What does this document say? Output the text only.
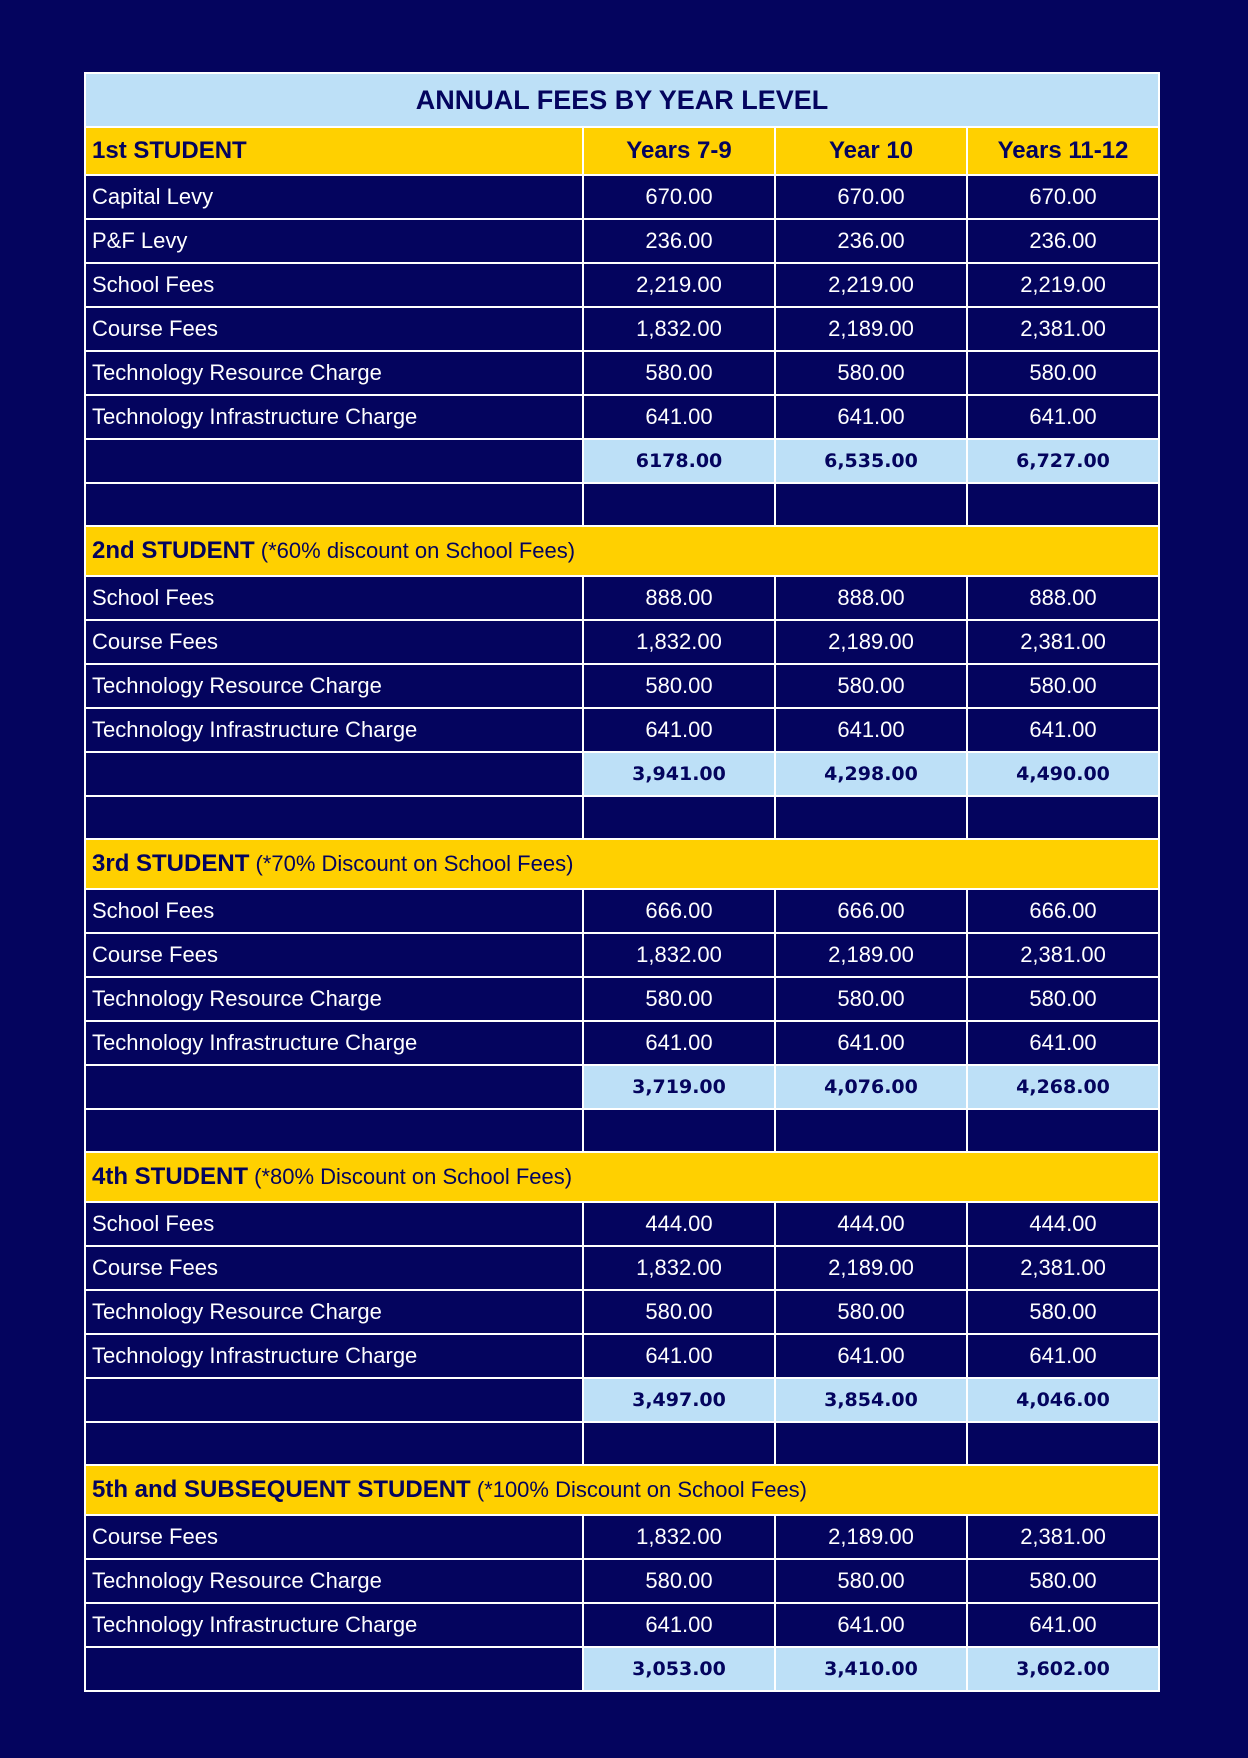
ANNUAL FEES BY YEAR LEVEL			
1st STUDENT	Years 7-9	Year 10	Years 11-12
Capital Levy	670.00	670.00	670.00
P&F Levy	236.00	236.00	236.00
School Fees	2,219.00	2,219.00	2,219.00
Course Fees	1,832.00	2,189.00	2,381.00
Technology Resource Charge	580.00	580.00	580.00
Technology Infrastructure Charge	641.00	641.00	641.00
	6178.00	6,535.00	6,727.00

2nd STUDENT (*60% discount on School Fees)			
School Fees	888.00	888.00	888.00
Course Fees	1,832.00	2,189.00	2,381.00
Technology Resource Charge	580.00	580.00	580.00
Technology Infrastructure Charge	641.00	641.00	641.00
	3,941.00	4,298.00	4,490.00

3rd STUDENT (*70% Discount on School Fees)			
School Fees	666.00	666.00	666.00
Course Fees	1,832.00	2,189.00	2,381.00
Technology Resource Charge	580.00	580.00	580.00
Technology Infrastructure Charge	641.00	641.00	641.00
	3,719.00	4,076.00	4,268.00

4th STUDENT (*80% Discount on School Fees)			
School Fees	444.00	444.00	444.00
Course Fees	1,832.00	2,189.00	2,381.00
Technology Resource Charge	580.00	580.00	580.00
Technology Infrastructure Charge	641.00	641.00	641.00
	3,497.00	3,854.00	4,046.00

5th and SUBSEQUENT STUDENT (*100% Discount on School Fees)			
Course Fees	1,832.00	2,189.00	2,381.00
Technology Resource Charge	580.00	580.00	580.00
Technology Infrastructure Charge	641.00	641.00	641.00
	3,053.00	3,410.00	3,602.00
